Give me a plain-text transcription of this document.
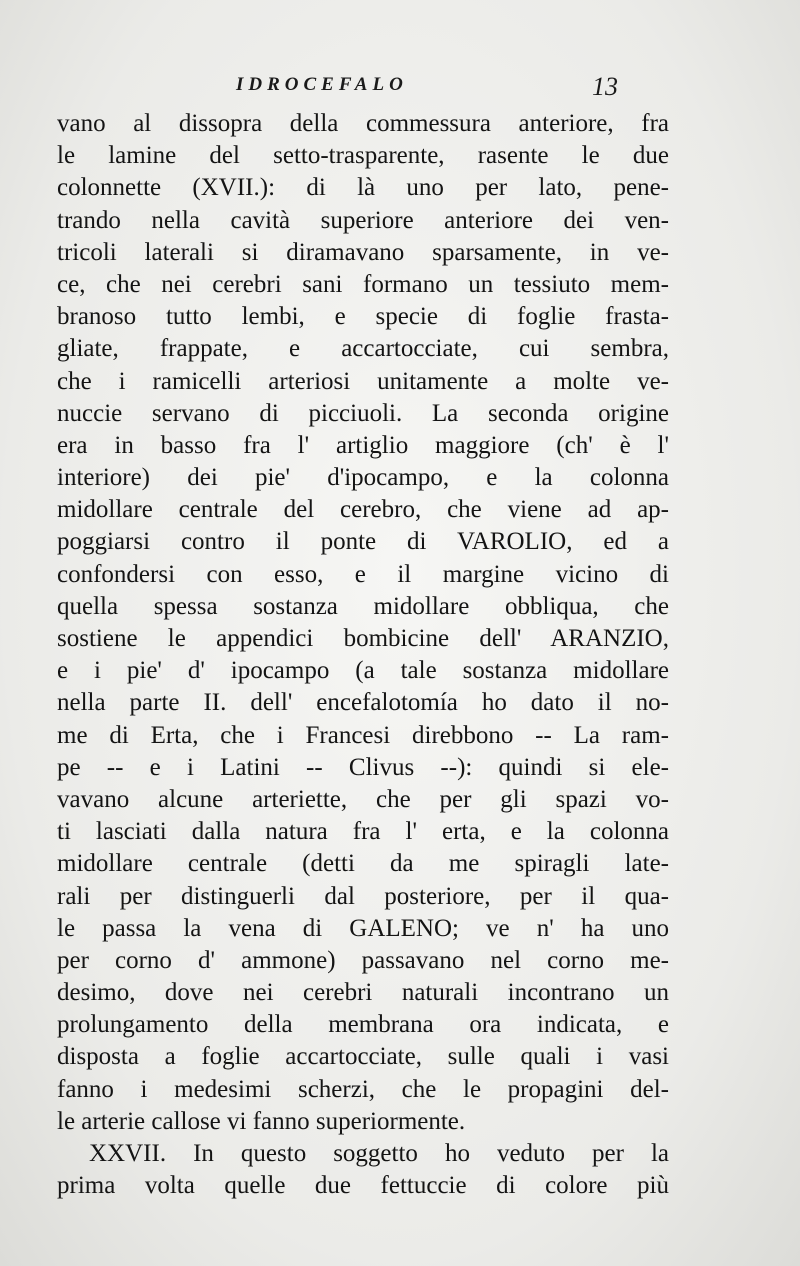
IDROCEFALO	13
vano al dissopra della commessura anteriore, fra
le lamine del setto-trasparente, rasente le due
colonnette (XVII.): di là uno per lato, pene-
trando nella cavità superiore anteriore dei ven-
tricoli laterali si diramavano sparsamente, in ve-
ce, che nei cerebri sani formano un tessiuto mem-
branoso tutto lembi, e specie di foglie frasta-
gliate, frappate, e accartocciate, cui sembra,
che i ramicelli arteriosi unitamente a molte ve-
nuccie servano di picciuoli. La seconda origine
era in basso fra l' artiglio maggiore (ch' è l'
interiore) dei pie' d'ipocampo, e la colonna
midollare centrale del cerebro, che viene ad ap-
poggiarsi contro il ponte di VAROLIO, ed a
confondersi con esso, e il margine vicino di
quella spessa sostanza midollare obbliqua, che
sostiene le appendici bombicine dell' ARANZIO,
e i pie' d' ipocampo (a tale sostanza midollare
nella parte II. dell' encefalotomía ho dato il no-
me di Erta, che i Francesi direbbono -- La ram-
pe -- e i Latini -- Clivus --): quindi si ele-
vavano alcune arteriette, che per gli spazi vo-
ti lasciati dalla natura fra l' erta, e la colonna
midollare centrale (detti da me spiragli late-
rali per distinguerli dal posteriore, per il qua-
le passa la vena di GALENO; ve n' ha uno
per corno d' ammone) passavano nel corno me-
desimo, dove nei cerebri naturali incontrano un
prolungamento della membrana ora indicata, e
disposta a foglie accartocciate, sulle quali i vasi
fanno i medesimi scherzi, che le propagini del-
le arterie callose vi fanno superiormente.
XXVII. In questo soggetto ho veduto per la
prima volta quelle due fettuccie di colore più
